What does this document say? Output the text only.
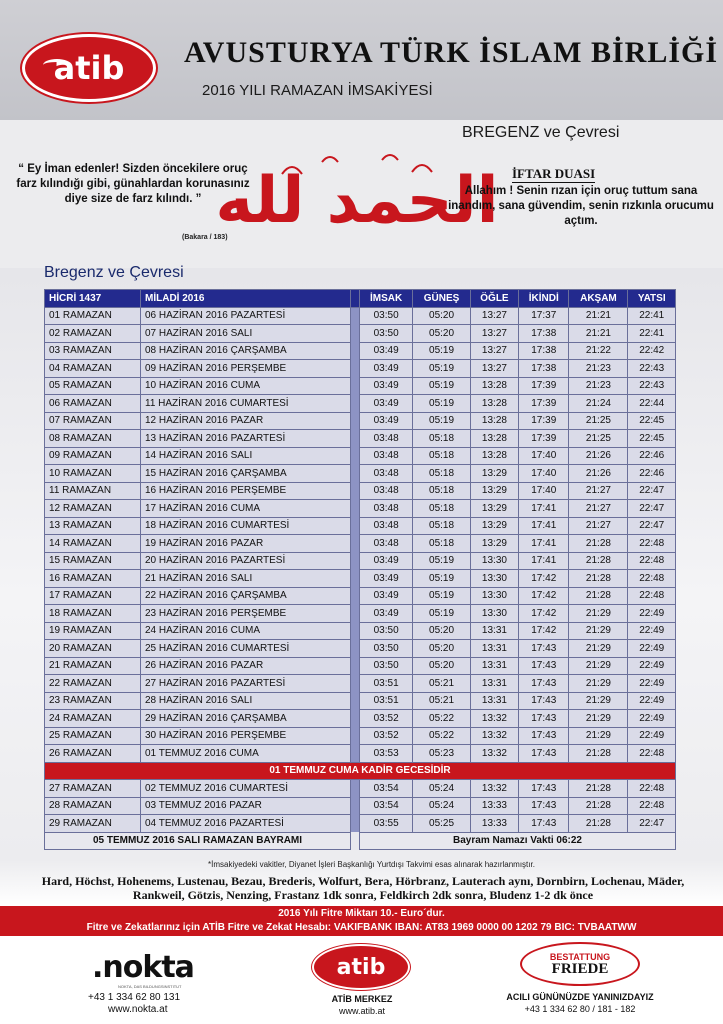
atib AVUSTURYA TÜRK İSLAM BİRLİĞİ
2016 YILI RAMAZAN İMSAKİYESİ
BREGENZ ve Çevresi
“ Ey İman edenler! Sizden öncekilere oruç farz kılındığı gibi, günahlardan korunasınız diye size de farz kılındı. ”
(Bakara / 183)
الحمد لله İFTAR DUASI
Allahım ! Senin rızan için oruç tuttum sana inandım, sana güvendim, senin rızkınla orucumu açtım.
Bregenz ve Çevresi
HİCRİ 1437	MİLADİ 2016		İMSAK	GÜNEŞ	ÖĞLE	İKİNDİ	AKŞAM	YATSI
01 RAMAZAN	06 HAZİRAN 2016 PAZARTESİ		03:50	05:20	13:27	17:37	21:21	22:41
02 RAMAZAN	07 HAZİRAN 2016 SALI		03:50	05:20	13:27	17:38	21:21	22:41
03 RAMAZAN	08 HAZİRAN 2016 ÇARŞAMBA		03:49	05:19	13:27	17:38	21:22	22:42
04 RAMAZAN	09 HAZİRAN 2016 PERŞEMBE		03:49	05:19	13:27	17:38	21:23	22:43
05 RAMAZAN	10 HAZİRAN 2016 CUMA		03:49	05:19	13:28	17:39	21:23	22:43
06 RAMAZAN	11 HAZİRAN 2016 CUMARTESİ		03:49	05:19	13:28	17:39	21:24	22:44
07 RAMAZAN	12 HAZİRAN 2016 PAZAR		03:49	05:19	13:28	17:39	21:25	22:45
08 RAMAZAN	13 HAZİRAN 2016 PAZARTESİ		03:48	05:18	13:28	17:39	21:25	22:45
09 RAMAZAN	14 HAZİRAN 2016 SALI		03:48	05:18	13:28	17:40	21:26	22:46
10 RAMAZAN	15 HAZİRAN 2016 ÇARŞAMBA		03:48	05:18	13:29	17:40	21:26	22:46
11 RAMAZAN	16 HAZİRAN 2016 PERŞEMBE		03:48	05:18	13:29	17:40	21:27	22:47
12 RAMAZAN	17 HAZİRAN 2016 CUMA		03:48	05:18	13:29	17:41	21:27	22:47
13 RAMAZAN	18 HAZİRAN 2016 CUMARTESİ		03:48	05:18	13:29	17:41	21:27	22:47
14 RAMAZAN	19 HAZİRAN 2016 PAZAR		03:48	05:18	13:29	17:41	21:28	22:48
15 RAMAZAN	20 HAZİRAN 2016 PAZARTESİ		03:49	05:19	13:30	17:41	21:28	22:48
16 RAMAZAN	21 HAZİRAN 2016 SALI		03:49	05:19	13:30	17:42	21:28	22:48
17 RAMAZAN	22 HAZİRAN 2016 ÇARŞAMBA		03:49	05:19	13:30	17:42	21:28	22:48
18 RAMAZAN	23 HAZİRAN 2016 PERŞEMBE		03:49	05:19	13:30	17:42	21:29	22:49
19 RAMAZAN	24 HAZİRAN 2016 CUMA		03:50	05:20	13:31	17:42	21:29	22:49
20 RAMAZAN	25 HAZİRAN 2016 CUMARTESİ		03:50	05:20	13:31	17:43	21:29	22:49
21 RAMAZAN	26 HAZİRAN 2016 PAZAR		03:50	05:20	13:31	17:43	21:29	22:49
22 RAMAZAN	27 HAZİRAN 2016 PAZARTESİ		03:51	05:21	13:31	17:43	21:29	22:49
23 RAMAZAN	28 HAZİRAN 2016 SALI		03:51	05:21	13:31	17:43	21:29	22:49
24 RAMAZAN	29 HAZİRAN 2016 ÇARŞAMBA		03:52	05:22	13:32	17:43	21:29	22:49
25 RAMAZAN	30 HAZİRAN 2016 PERŞEMBE		03:52	05:22	13:32	17:43	21:29	22:49
26 RAMAZAN	01 TEMMUZ 2016 CUMA		03:53	05:23	13:32	17:43	21:28	22:48
01 TEMMUZ CUMA KADİR GECESİDİR								
27 RAMAZAN	02 TEMMUZ 2016 CUMARTESİ		03:54	05:24	13:32	17:43	21:28	22:48
28 RAMAZAN	03 TEMMUZ 2016 PAZAR		03:54	05:24	13:33	17:43	21:28	22:48
29 RAMAZAN	04 TEMMUZ 2016 PAZARTESİ		03:55	05:25	13:33	17:43	21:28	22:47
05 TEMMUZ 2016 SALI RAMAZAN BAYRAMI			Bayram Namazı Vakti 06:22					
*İmsakiyedeki vakitler, Diyanet İşleri Başkanlığı Yurtdışı Takvimi esas alınarak hazırlanmıştır.
Hard, Höchst, Hohenems, Lustenau, Bezau, Brederis, Wolfurt, Bera, Hörbranz, Lauterach aynı, Dornbirn, Lochenau, Mäder, Rankweil, Götzis, Nenzing, Frastanz 1dk sonra, Feldkirch 2dk sonra, Bludenz 1-2 dk önce
2016 Yılı Fitre Miktarı 10.- Euro´dur.
Fitre ve Zekatlarınız için ATİB Fitre ve Zekat Hesabı: VAKIFBANK IBAN: AT83 1969 0000 00 1202 79 BIC: TVBAATWW
.nokta
NOKTA, DAS BILDUNGSINSTITUT
+43 1 334 62 80 131
www.nokta.at
atib
ATİB MERKEZ
www.atib.at
BESTATTUNG
FRIEDE
ACILI GÜNÜNÜZDE YANINIZDAYIZ
+43 1 334 62 80 / 181 - 182
